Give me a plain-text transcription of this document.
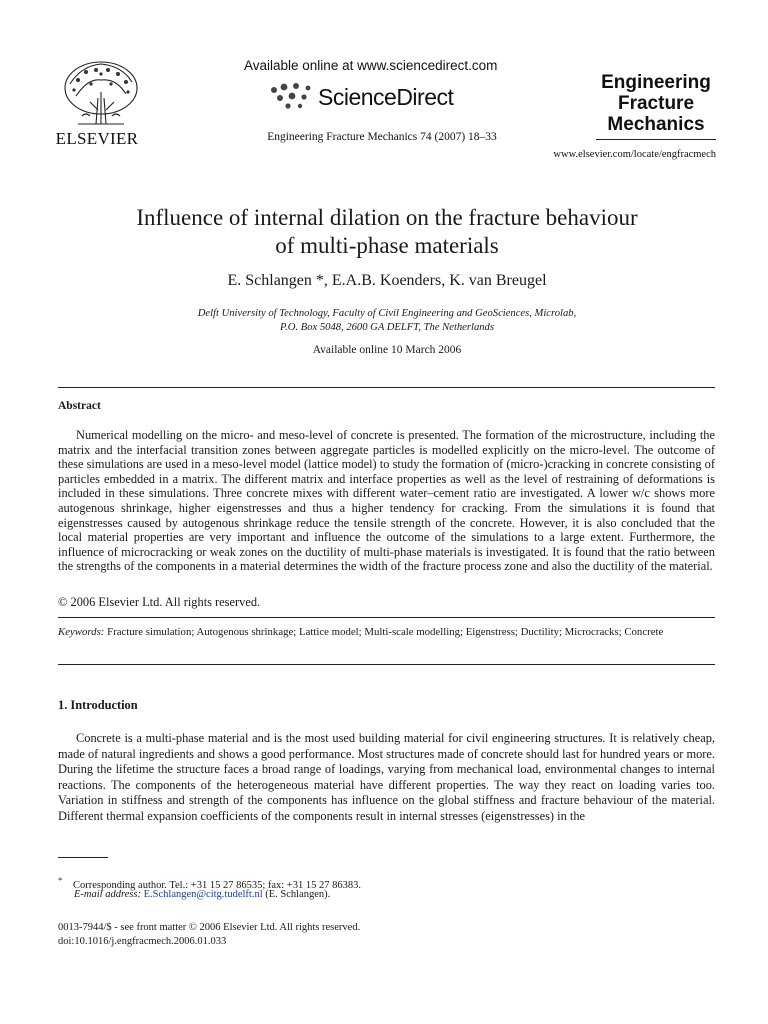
ELSEVIER
Available online at www.sciencedirect.com
ScienceDirect
Engineering Fracture Mechanics 74 (2007) 18–33
Engineering
Fracture
Mechanics
www.elsevier.com/locate/engfracmech
Influence of internal dilation on the fracture behaviour
of multi-phase materials
E. Schlangen *, E.A.B. Koenders, K. van Breugel
Delft University of Technology, Faculty of Civil Engineering and GeoSciences, Microlab,
P.O. Box 5048, 2600 GA DELFT, The Netherlands
Available online 10 March 2006
Abstract

Numerical modelling on the micro- and meso-level of concrete is presented. The formation of the microstructure, including the matrix and the interfacial transition zones between aggregate particles is modelled explicitly on the micro-level. The outcome of these simulations are used in a meso-level model (lattice model) to study the formation of (micro-)cracking in concrete consisting of particles embedded in a matrix. The different matrix and interface properties as well as the level of restraining of deformations is included in these simulations. Three concrete mixes with different water–cement ratio are investigated. A lower w/c shows more autogenous shrinkage, higher eigenstresses and thus a higher tendency for cracking. From the simulations it is found that eigenstresses caused by autogenous shrinkage reduce the tensile strength of the concrete. However, it is also concluded that the local material properties are very important and influence the outcome of the simulations to a large extent. Furthermore, the influence of microcracking or weak zones on the ductility of multi-phase materials is investigated. It is found that the ratio between the strengths of the components in a material determines the width of the fracture process zone and also the ductility of the material.

© 2006 Elsevier Ltd. All rights reserved.

Keywords: Fracture simulation; Autogenous shrinkage; Lattice model; Multi-scale modelling; Eigenstress; Ductility; Microcracks; Concrete

1. Introduction

Concrete is a multi-phase material and is the most used building material for civil engineering structures. It is relatively cheap, made of natural ingredients and shows a good performance. Most structures made of concrete should last for hundred years or more. During the lifetime the structure faces a broad range of loadings, varying from mechanical load, environmental changes to internal reactions. The components of the heterogeneous material have different properties. The way they react on loading varies too. Variation in stiffness and strength of the components has influence on the global stiffness and fracture behaviour of the material. Different thermal expansion coefficients of the components result in internal stresses (eigenstresses) in the

* Corresponding author. Tel.: +31 15 27 86535; fax: +31 15 27 86383.
E-mail address: E.Schlangen@citg.tudelft.nl (E. Schlangen).
0013-7944/$ - see front matter © 2006 Elsevier Ltd. All rights reserved.
doi:10.1016/j.engfracmech.2006.01.033
